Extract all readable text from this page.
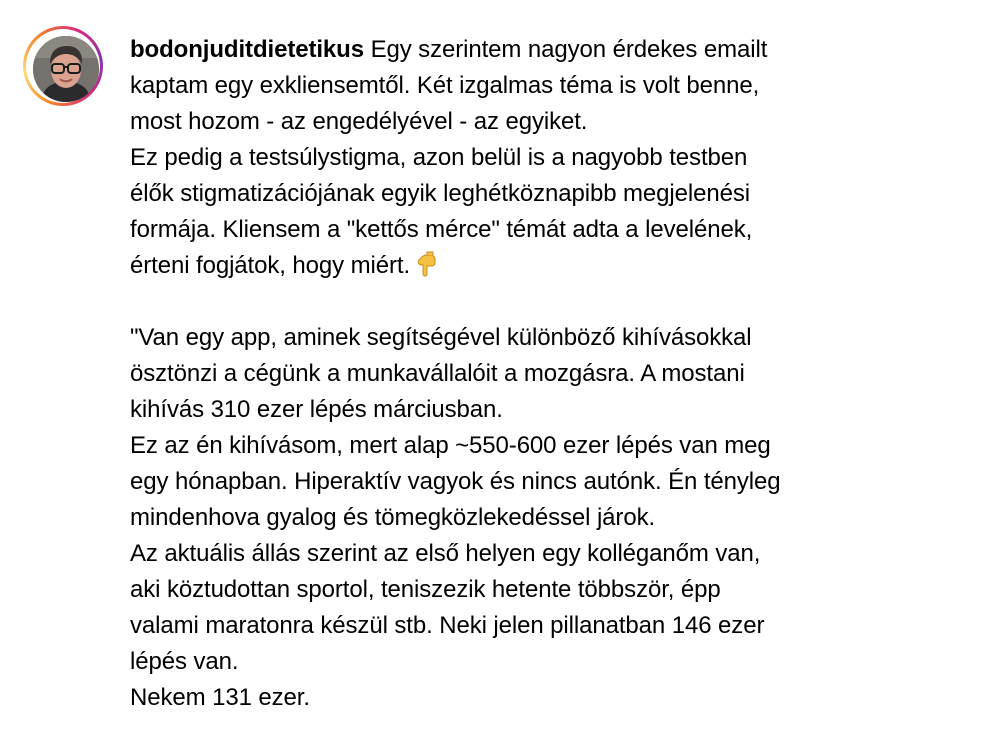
bodonjuditdietetikus Egy szerintem nagyon érdekes emailt

kaptam egy exkliensemtől. Két izgalmas téma is volt benne,

most hozom - az engedélyével - az egyiket.

Ez pedig a testsúlystigma, azon belül is a nagyobb testben

élők stigmatizációjának egyik leghétköznapibb megjelenési

formája. Kliensem a "kettős mérce" témát adta a levelének,

érteni fogjátok, hogy miért.

"Van egy app, aminek segítségével különböző kihívásokkal

ösztönzi a cégünk a munkavállalóit a mozgásra. A mostani

kihívás 310 ezer lépés márciusban.

Ez az én kihívásom, mert alap ~550-600 ezer lépés van meg

egy hónapban. Hiperaktív vagyok és nincs autónk. Én tényleg

mindenhova gyalog és tömegközlekedéssel járok.

Az aktuális állás szerint az első helyen egy kolléganőm van,

aki köztudottan sportol, teniszezik hetente többször, épp

valami maratonra készül stb. Neki jelen pillanatban 146 ezer

lépés van.

Nekem 131 ezer.
